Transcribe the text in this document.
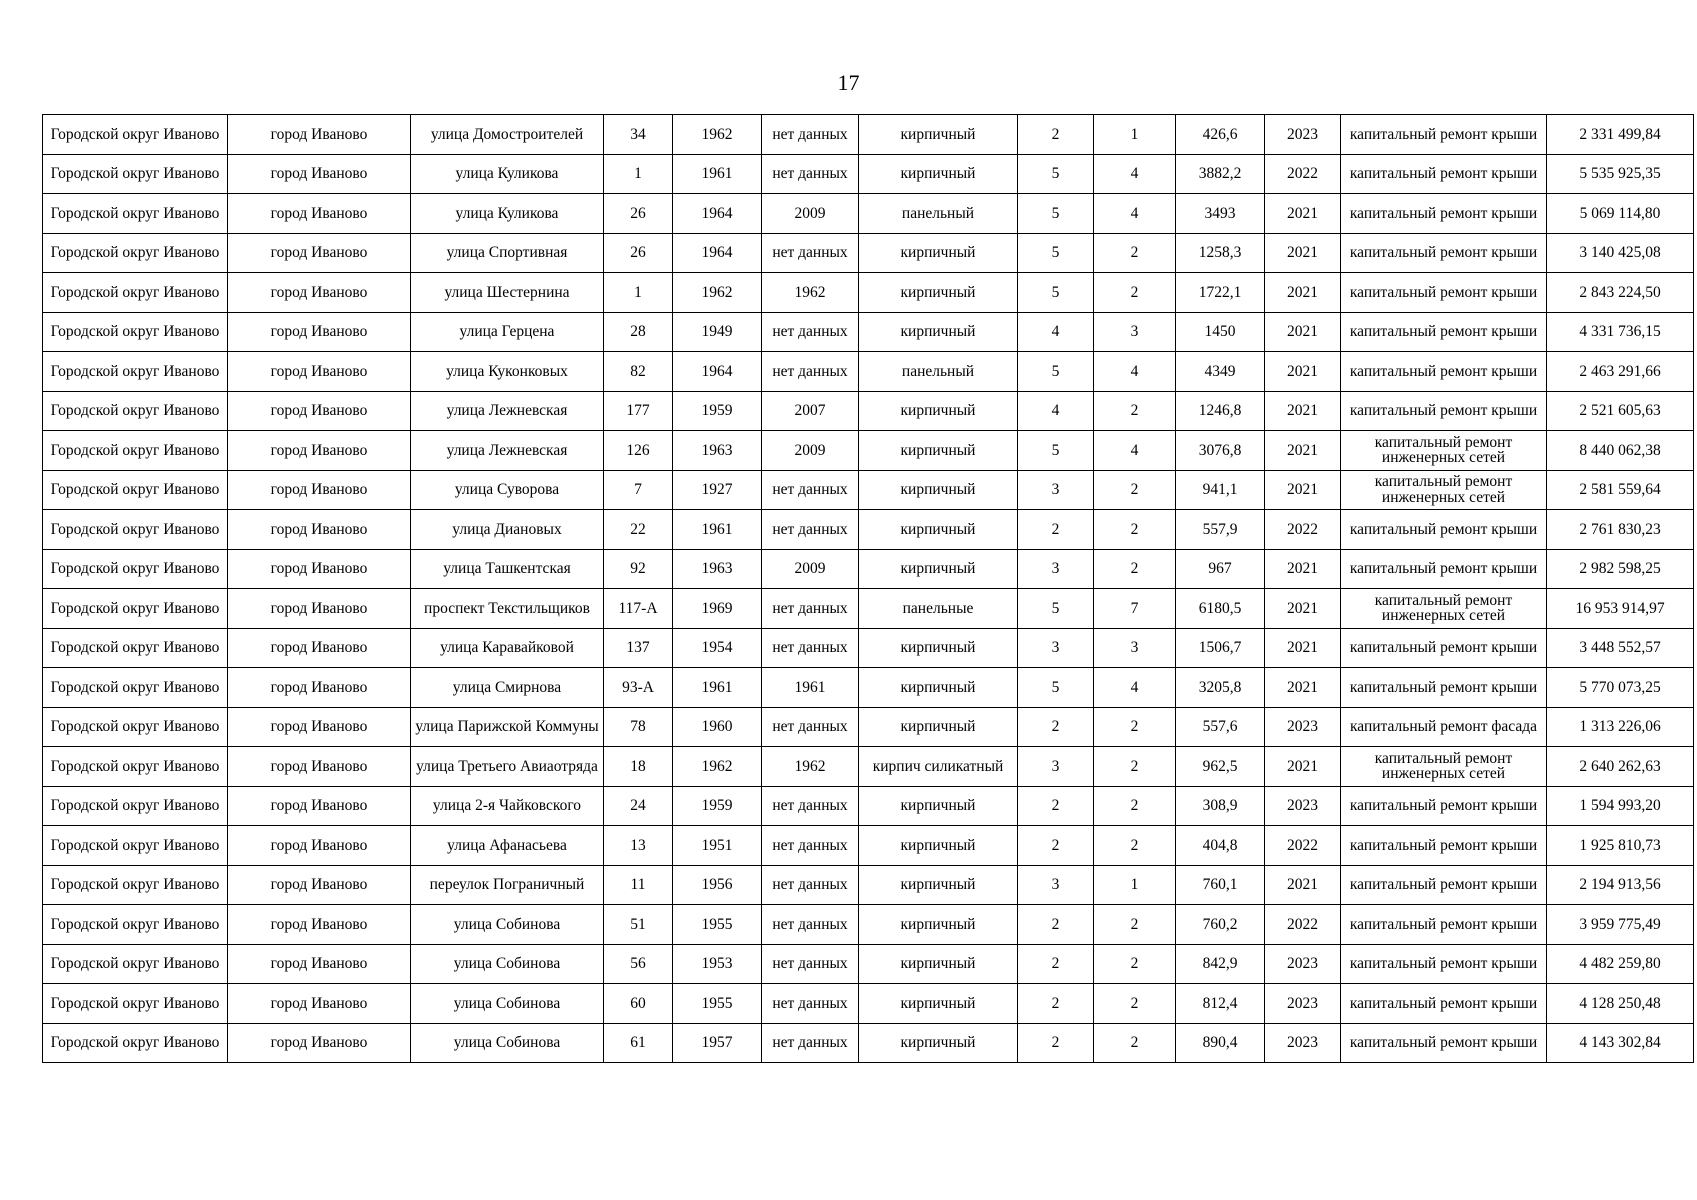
17
Городской округ Иваново	город Иваново	улица Домостроителей	34	1962	нет данных	кирпичный	2	1	426,6	2023	капитальный ремонт крыши	2 331 499,84
Городской округ Иваново	город Иваново	улица Куликова	1	1961	нет данных	кирпичный	5	4	3882,2	2022	капитальный ремонт крыши	5 535 925,35
Городской округ Иваново	город Иваново	улица Куликова	26	1964	2009	панельный	5	4	3493	2021	капитальный ремонт крыши	5 069 114,80
Городской округ Иваново	город Иваново	улица Спортивная	26	1964	нет данных	кирпичный	5	2	1258,3	2021	капитальный ремонт крыши	3 140 425,08
Городской округ Иваново	город Иваново	улица Шестернина	1	1962	1962	кирпичный	5	2	1722,1	2021	капитальный ремонт крыши	2 843 224,50
Городской округ Иваново	город Иваново	улица Герцена	28	1949	нет данных	кирпичный	4	3	1450	2021	капитальный ремонт крыши	4 331 736,15
Городской округ Иваново	город Иваново	улица Куконковых	82	1964	нет данных	панельный	5	4	4349	2021	капитальный ремонт крыши	2 463 291,66
Городской округ Иваново	город Иваново	улица Лежневская	177	1959	2007	кирпичный	4	2	1246,8	2021	капитальный ремонт крыши	2 521 605,63
Городской округ Иваново	город Иваново	улица Лежневская	126	1963	2009	кирпичный	5	4	3076,8	2021	капитальный ремонт инженерных сетей	8 440 062,38
Городской округ Иваново	город Иваново	улица Суворова	7	1927	нет данных	кирпичный	3	2	941,1	2021	капитальный ремонт инженерных сетей	2 581 559,64
Городской округ Иваново	город Иваново	улица Диановых	22	1961	нет данных	кирпичный	2	2	557,9	2022	капитальный ремонт крыши	2 761 830,23
Городской округ Иваново	город Иваново	улица Ташкентская	92	1963	2009	кирпичный	3	2	967	2021	капитальный ремонт крыши	2 982 598,25
Городской округ Иваново	город Иваново	проспект Текстильщиков	117-А	1969	нет данных	панельные	5	7	6180,5	2021	капитальный ремонт инженерных сетей	16 953 914,97
Городской округ Иваново	город Иваново	улица Каравайковой	137	1954	нет данных	кирпичный	3	3	1506,7	2021	капитальный ремонт крыши	3 448 552,57
Городской округ Иваново	город Иваново	улица Смирнова	93-А	1961	1961	кирпичный	5	4	3205,8	2021	капитальный ремонт крыши	5 770 073,25
Городской округ Иваново	город Иваново	улица Парижской Коммуны	78	1960	нет данных	кирпичный	2	2	557,6	2023	капитальный ремонт фасада	1 313 226,06
Городской округ Иваново	город Иваново	улица Третьего Авиаотряда	18	1962	1962	кирпич силикатный	3	2	962,5	2021	капитальный ремонт инженерных сетей	2 640 262,63
Городской округ Иваново	город Иваново	улица 2-я Чайковского	24	1959	нет данных	кирпичный	2	2	308,9	2023	капитальный ремонт крыши	1 594 993,20
Городской округ Иваново	город Иваново	улица Афанасьева	13	1951	нет данных	кирпичный	2	2	404,8	2022	капитальный ремонт крыши	1 925 810,73
Городской округ Иваново	город Иваново	переулок Пограничный	11	1956	нет данных	кирпичный	3	1	760,1	2021	капитальный ремонт крыши	2 194 913,56
Городской округ Иваново	город Иваново	улица Собинова	51	1955	нет данных	кирпичный	2	2	760,2	2022	капитальный ремонт крыши	3 959 775,49
Городской округ Иваново	город Иваново	улица Собинова	56	1953	нет данных	кирпичный	2	2	842,9	2023	капитальный ремонт крыши	4 482 259,80
Городской округ Иваново	город Иваново	улица Собинова	60	1955	нет данных	кирпичный	2	2	812,4	2023	капитальный ремонт крыши	4 128 250,48
Городской округ Иваново	город Иваново	улица Собинова	61	1957	нет данных	кирпичный	2	2	890,4	2023	капитальный ремонт крыши	4 143 302,84
